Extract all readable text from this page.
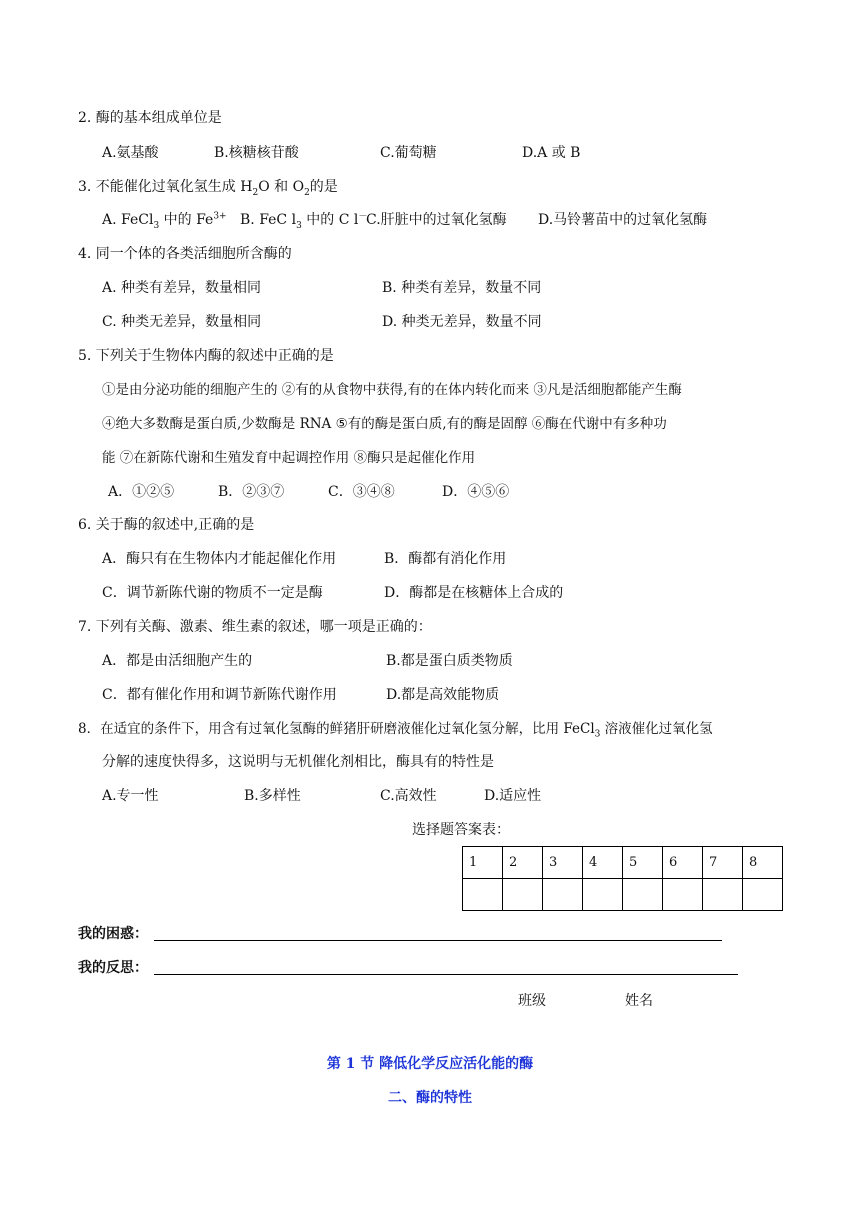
2. 酶的基本组成单位是
A.氨基酸	B.核糖核苷酸	C.葡萄糖	D.A 或 B
3. 不能催化过氧化氢生成 $H_2O$ 和 $O_2$的是
A. FeCl$_3$ 中的 $Fe^{3+}$ B. FeC $l_3$ 中的 C l－
C.肝脏中的过氧化氢酶 D.马铃薯苗中的过氧化氢酶
4. 同一个体的各类活细胞所含酶的
A. 种类有差异，数量相同	B. 种类有差异，数量不同
C. 种类无差异，数量相同	D. 种类无差异，数量不同
5. 下列关于生物体内酶的叙述中正确的是
①是由分泌功能的细胞产生的 ②有的从食物中获得,有的在体内转化而来 ③凡是活细胞都能产生酶
④绝大多数酶是蛋白质,少数酶是 RNA ⑤有的酶是蛋白质,有的酶是固醇 ⑥酶在代谢中有多种功
能 ⑦在新陈代谢和生殖发育中起调控作用 ⑧酶只是起催化作用
A．①②⑤	B．②③⑦	C．③④⑧	D．④⑤⑥
6. 关于酶的叙述中,正确的是
A．酶只有在生物体内才能起催化作用	B．酶都有消化作用
C．调节新陈代谢的物质不一定是酶	D．酶都是在核糖体上合成的
7. 下列有关酶、激素、维生素的叙述，哪一项是正确的：
A．都是由活细胞产生的	B.都是蛋白质类物质
C．都有催化作用和调节新陈代谢作用	D.都是高效能物质
8．在适宜的条件下，用含有过氧化氢酶的鲜猪肝研磨液催化过氧化氢分解，比用 FeCl$_3$ 溶液催化过氧化氢
分解的速度快得多，这说明与无机催化剂相比，酶具有的特性是
A.专一性	B.多样性	C.高效性	D.适应性
选择题答案表：
1	2	3	4	5	6	7	8

我的困惑：
我的反思：
班级	姓名
第 1 节 降低化学反应活化能的酶
二、酶的特性
